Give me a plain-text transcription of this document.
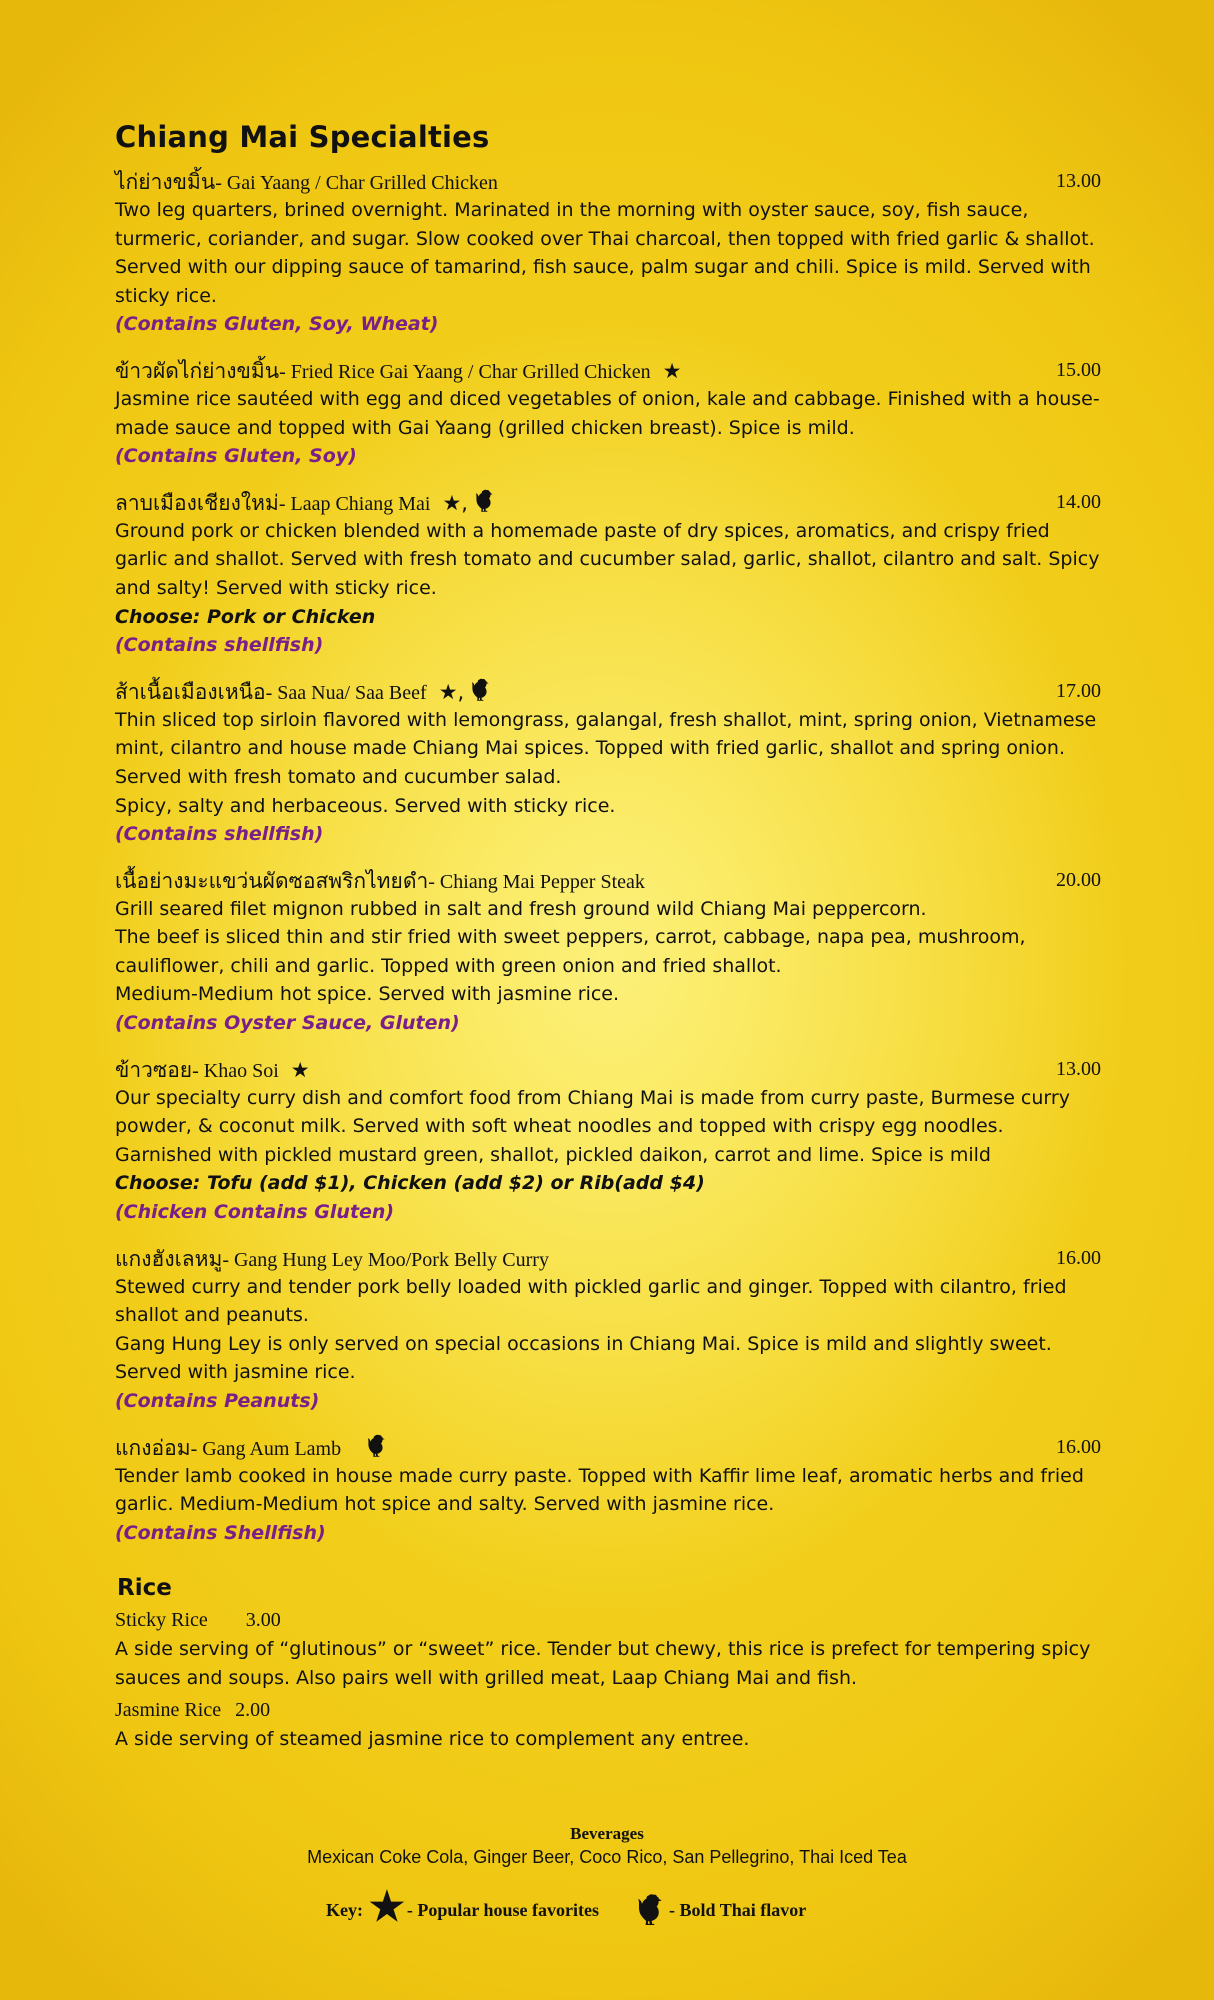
Chiang Mai Specialties
ไก่ย่างขมิ้น - Gai Yaang / Char Grilled Chicken	13.00

Two leg quarters, brined overnight. Marinated in the morning with oyster sauce, soy, fish sauce, turmeric, coriander, and sugar. Slow cooked over Thai charcoal, then topped with fried garlic & shallot. Served with our dipping sauce of tamarind, fish sauce, palm sugar and chili. Spice is mild. Served with sticky rice.

(Contains Gluten, Soy, Wheat)
ข้าวผัดไก่ย่างขมิ้น - Fried Rice Gai Yaang / Char Grilled Chicken ★	15.00

Jasmine rice sautéed with egg and diced vegetables of onion, kale and cabbage. Finished with a house-made sauce and topped with Gai Yaang (grilled chicken breast). Spice is mild.

(Contains Gluten, Soy)
ลาบเมืองเชียงใหม่ - Laap Chiang Mai ★,	14.00

Ground pork or chicken blended with a homemade paste of dry spices, aromatics, and crispy fried garlic and shallot. Served with fresh tomato and cucumber salad, garlic, shallot, cilantro and salt. Spicy and salty! Served with sticky rice.

Choose: Pork or Chicken
(Contains shellfish)
ส้าเนื้อเมืองเหนือ - Saa Nua/ Saa Beef ★,	17.00

Thin sliced top sirloin flavored with lemongrass, galangal, fresh shallot, mint, spring onion, Vietnamese mint, cilantro and house made Chiang Mai spices. Topped with fried garlic, shallot and spring onion. Served with fresh tomato and cucumber salad.

Spicy, salty and herbaceous. Served with sticky rice.

(Contains shellfish)
เนื้อย่างมะแขว่นผัดซอสพริกไทยดำ - Chiang Mai Pepper Steak	20.00

Grill seared filet mignon rubbed in salt and fresh ground wild Chiang Mai peppercorn.

The beef is sliced thin and stir fried with sweet peppers, carrot, cabbage, napa pea, mushroom, cauliflower, chili and garlic. Topped with green onion and fried shallot.

Medium-Medium hot spice. Served with jasmine rice.

(Contains Oyster Sauce, Gluten)
ข้าวซอย - Khao Soi ★	13.00

Our specialty curry dish and comfort food from Chiang Mai is made from curry paste, Burmese curry powder, & coconut milk. Served with soft wheat noodles and topped with crispy egg noodles. Garnished with pickled mustard green, shallot, pickled daikon, carrot and lime. Spice is mild

Choose: Tofu (add $1), Chicken (add $2) or Rib(add $4)
(Chicken Contains Gluten)
แกงฮังเลหมู - Gang Hung Ley Moo/Pork Belly Curry	16.00

Stewed curry and tender pork belly loaded with pickled garlic and ginger. Topped with cilantro, fried shallot and peanuts.

Gang Hung Ley is only served on special occasions in Chiang Mai. Spice is mild and slightly sweet. Served with jasmine rice.

(Contains Peanuts)
แกงอ่อม - Gang Aum Lamb	16.00

Tender lamb cooked in house made curry paste. Topped with Kaffir lime leaf, aromatic herbs and fried garlic. Medium-Medium hot spice and salty. Served with jasmine rice.

(Contains Shellfish)
Rice
Sticky Rice 3.00

A side serving of “glutinous” or “sweet” rice. Tender but chewy, this rice is prefect for tempering spicy sauces and soups. Also pairs well with grilled meat, Laap Chiang Mai and fish.

Jasmine Rice 2.00

A side serving of steamed jasmine rice to complement any entree.

Beverages
Mexican Coke Cola, Ginger Beer, Coco Rico, San Pellegrino, Thai Iced Tea
Key: ★ - Popular house favorites	- Bold Thai flavor
